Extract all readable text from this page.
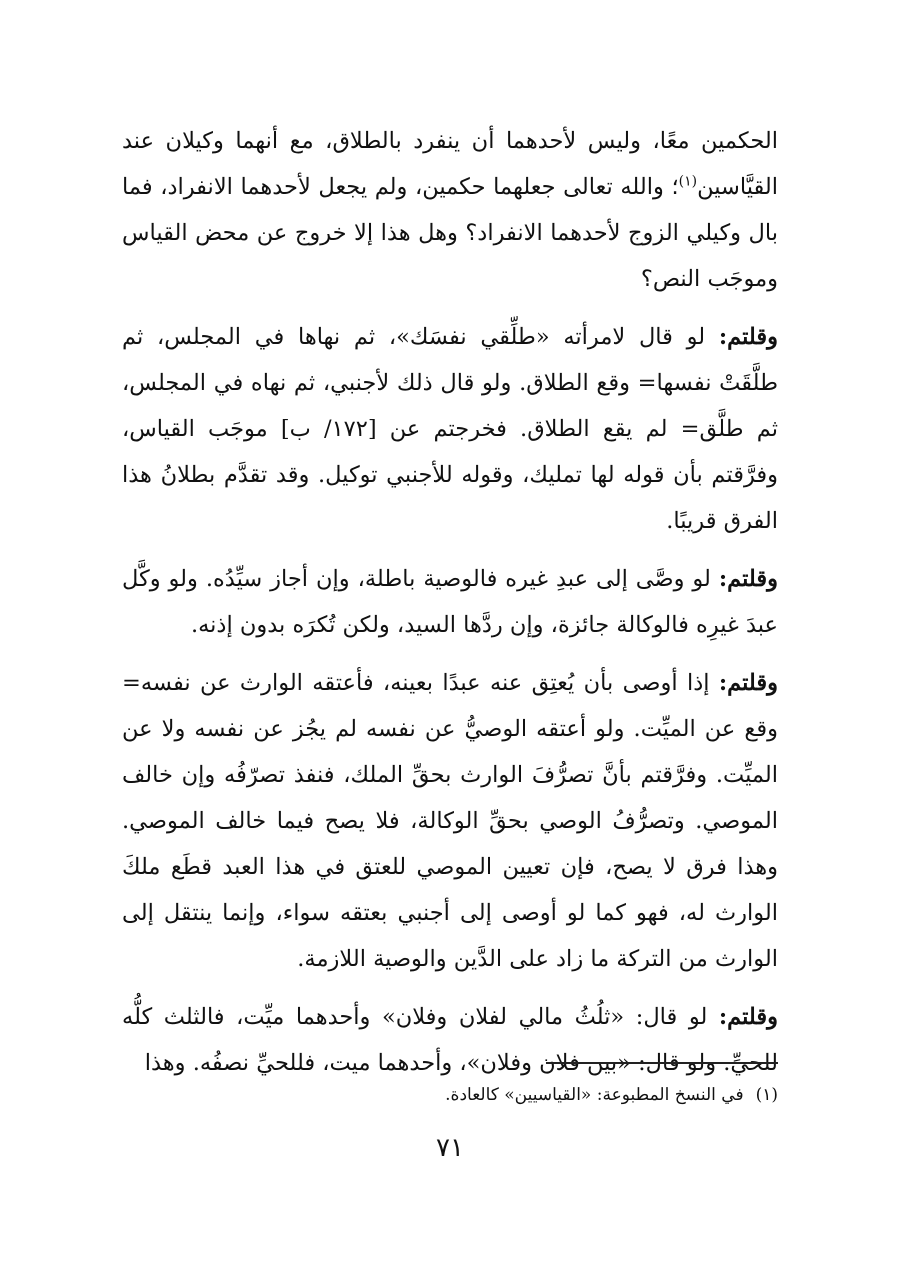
الحكمين معًا، وليس لأحدهما أن ينفرد بالطلاق، مع أنهما وكيلان عند القيَّاسين$^{(١)}$؛ والله تعالى جعلهما حكمين، ولم يجعل لأحدهما الانفراد، فما بال وكيلي الزوج لأحدهما الانفراد؟ وهل هذا إلا خروج عن محض القياس وموجَب النص؟

وقلتم: لو قال لامرأته «طلِّقي نفسَك»، ثم نهاها في المجلس، ثم طلَّقَتْ نفسها= وقع الطلاق. ولو قال ذلك لأجنبي، ثم نهاه في المجلس، ثم طلَّق= لم يقع الطلاق. فخرجتم عن [١٧٢/ ب] موجَب القياس، وفرَّقتم بأن قوله لها تمليك، وقوله للأجنبي توكيل. وقد تقدَّم بطلانُ هذا الفرق قريبًا.

وقلتم: لو وصَّى إلى عبدِ غيره فالوصية باطلة، وإن أجاز سيِّدُه. ولو وكَّل عبدَ غيرِه فالوكالة جائزة، وإن ردَّها السيد، ولكن تُكرَه بدون إذنه.

وقلتم: إذا أوصى بأن يُعتِق عنه عبدًا بعينه، فأعتقه الوارث عن نفسه= وقع عن الميِّت. ولو أعتقه الوصيُّ عن نفسه لم يجُز عن نفسه ولا عن الميِّت. وفرَّقتم بأنَّ تصرُّفَ الوارث بحقِّ الملك، فنفذ تصرّفُه وإن خالف الموصي. وتصرُّفُ الوصي بحقِّ الوكالة، فلا يصح فيما خالف الموصي. وهذا فرق لا يصح، فإن تعيين الموصي للعتق في هذا العبد قطَع ملكَ الوارث له، فهو كما لو أوصى إلى أجنبي بعتقه سواء، وإنما ينتقل إلى الوارث من التركة ما زاد على الدَّين والوصية اللازمة.

وقلتم: لو قال: «ثلُثُ مالي لفلان وفلان» وأحدهما ميِّت، فالثلث كلُّه للحيِّ. ولو قال: «بين فلان وفلان»، وأحدهما ميت، فللحيِّ نصفُه. وهذا

(١)في النسخ المطبوعة: «القياسيين» كالعادة.
٧١
